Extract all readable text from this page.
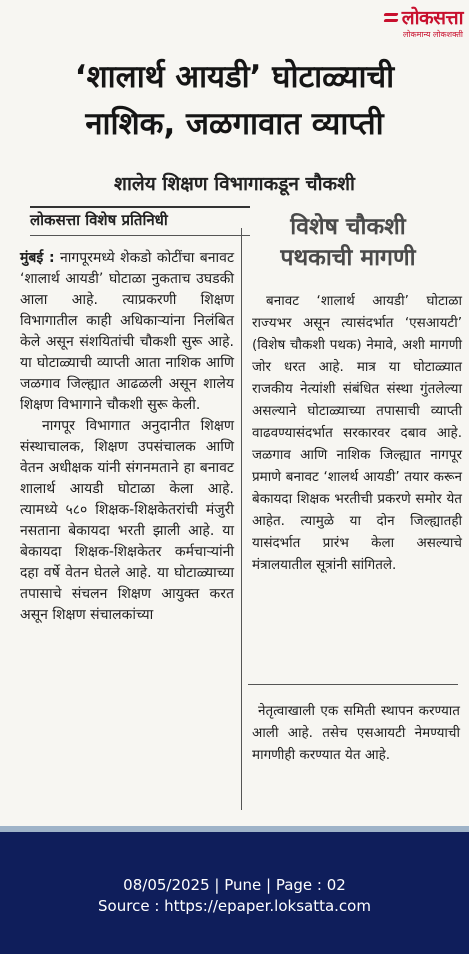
लोकसत्ता
लोकमान्य लोकशक्ती
‘शालार्थ आयडी’ घोटाळ्याची
नाशिक, जळगावात व्याप्ती
शालेय शिक्षण विभागाकडून चौकशी
लोकसत्ता विशेष प्रतिनिधी

मुंबई : नागपूरमध्ये शेकडो कोटींचा बनावट ‘शालार्थ आयडी’ घोटाळा नुकताच उघडकी आला आहे. त्याप्रकरणी शिक्षण विभागातील काही अधिकाऱ्यांना निलंबित केले असून संशयितांची चौकशी सुरू आहे. या घोटाळ्याची व्याप्ती आता नाशिक आणि जळगाव जिल्ह्यात आढळली असून शालेय शिक्षण विभागाने चौकशी सुरू केली.

नागपूर विभागात अनुदानीत शिक्षण संस्थाचालक, शिक्षण उपसंचालक आणि वेतन अधीक्षक यांनी संगनमताने हा बनावट शालार्थ आयडी घोटाळा केला आहे. त्यामध्ये ५८० शिक्षक-शिक्षकेतरांची मंजुरी नसताना बेकायदा भरती झाली आहे. या बेकायदा शिक्षक-शिक्षकेतर कर्मचाऱ्यांनी दहा वर्षे वेतन घेतले आहे. या घोटाळ्याच्या तपासाचे संचलन शिक्षण आयुक्त करत असून शिक्षण संचालकांच्या

विशेष चौकशी
पथकाची मागणी

बनावट ‘शालार्थ आयडी’ घोटाळा राज्यभर असून त्यासंदर्भात ‘एसआयटी’ (विशेष चौकशी पथक) नेमावे, अशी मागणी जोर धरत आहे. मात्र या घोटाळ्यात राजकीय नेत्यांशी संबंधित संस्था गुंतलेल्या असल्याने घोटाळ्याच्या तपासाची व्याप्ती वाढवण्यासंदर्भात सरकारवर दबाव आहे. जळगाव आणि नाशिक जिल्ह्यात नागपूर प्रमाणे बनावट ‘शालर्थ आयडी’ तयार करून बेकायदा शिक्षक भरतीची प्रकरणे समोर येत आहेत. त्यामुळे या दोन जिल्ह्यातही यासंदर्भात प्रारंभ केला असल्याचे मंत्रालयातील सूत्रांनी सांगितले.

नेतृत्वाखाली एक समिती स्थापन करण्यात आली आहे. तसेच एसआयटी नेमण्याची मागणीही करण्यात येत आहे.

08/05/2025 | Pune | Page : 02
Source : https://epaper.loksatta.com
